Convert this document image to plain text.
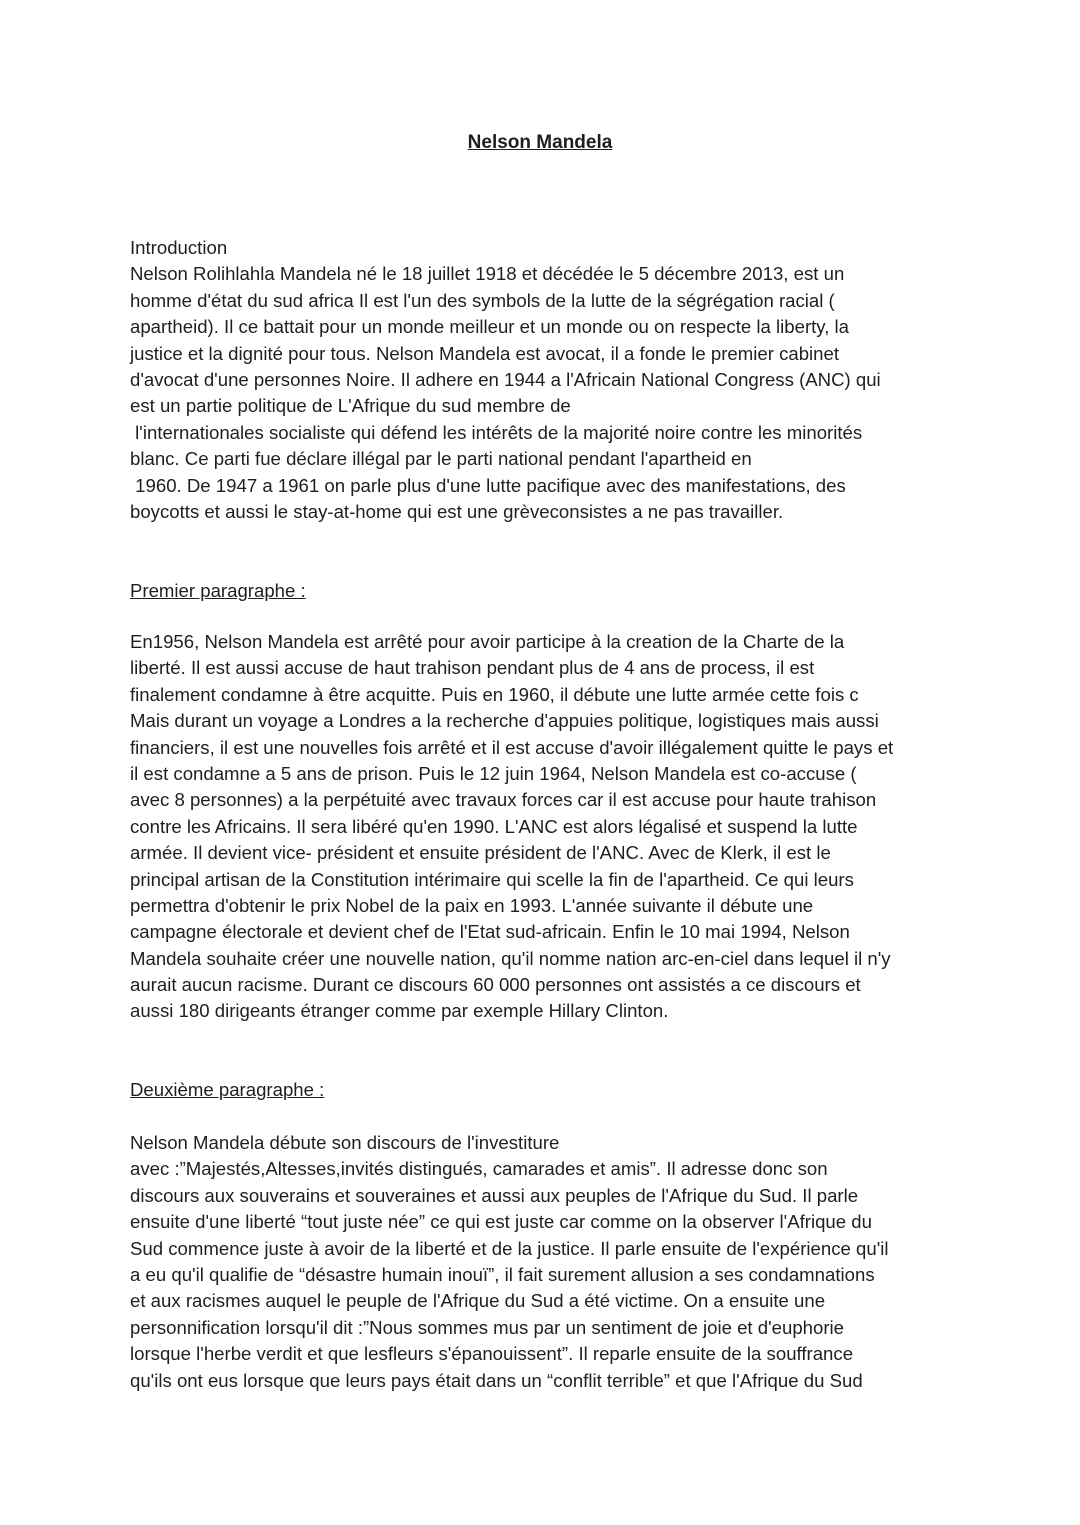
Nelson Mandela
Introduction
Nelson Rolihlahla Mandela né le 18 juillet 1918 et décédée le 5 décembre 2013, est un
homme d'état du sud africa Il est l'un des symbols de la lutte de la ségrégation racial (
apartheid). Il ce battait pour un monde meilleur et un monde ou on respecte la liberty, la
justice et la dignité pour tous. Nelson Mandela est avocat, il a fonde le premier cabinet
d'avocat d'une personnes Noire. Il adhere en 1944 a l'Africain National Congress (ANC) qui
est un partie politique de L'Afrique du sud membre de
l'internationales socialiste qui défend les intérêts de la majorité noire contre les minorités
blanc. Ce parti fue déclare illégal par le parti national pendant l'apartheid en
1960. De 1947 a 1961 on parle plus d'une lutte pacifique avec des manifestations, des
boycotts et aussi le stay-at-home qui est une grèveconsistes a ne pas travailler.
Premier paragraphe :
En1956, Nelson Mandela est arrêté pour avoir participe à la creation de la Charte de la
liberté. Il est aussi accuse de haut trahison pendant plus de 4 ans de process, il est
finalement condamne à être acquitte. Puis en 1960, il débute une lutte armée cette fois c
Mais durant un voyage a Londres a la recherche d'appuies politique, logistiques mais aussi
financiers, il est une nouvelles fois arrêté et il est accuse d'avoir illégalement quitte le pays et
il est condamne a 5 ans de prison. Puis le 12 juin 1964, Nelson Mandela est co-accuse (
avec 8 personnes) a la perpétuité avec travaux forces car il est accuse pour haute trahison
contre les Africains. Il sera libéré qu'en 1990. L'ANC est alors légalisé et suspend la lutte
armée. Il devient vice- président et ensuite président de l'ANC. Avec de Klerk, il est le
principal artisan de la Constitution intérimaire qui scelle la fin de l'apartheid. Ce qui leurs
permettra d'obtenir le prix Nobel de la paix en 1993. L'année suivante il débute une
campagne électorale et devient chef de l'Etat sud-africain. Enfin le 10 mai 1994, Nelson
Mandela souhaite créer une nouvelle nation, qu'il nomme nation arc-en-ciel dans lequel il n'y
aurait aucun racisme. Durant ce discours 60 000 personnes ont assistés a ce discours et
aussi 180 dirigeants étranger comme par exemple Hillary Clinton.
Deuxième paragraphe :
Nelson Mandela débute son discours de l'investiture
avec :”Majestés,Altesses,invités distingués, camarades et amis”. Il adresse donc son
discours aux souverains et souveraines et aussi aux peuples de l'Afrique du Sud. Il parle
ensuite d'une liberté “tout juste née” ce qui est juste car comme on la observer l'Afrique du
Sud commence juste à avoir de la liberté et de la justice. Il parle ensuite de l'expérience qu'il
a eu qu'il qualifie de “désastre humain inouï”, il fait surement allusion a ses condamnations
et aux racismes auquel le peuple de l'Afrique du Sud a été victime. On a ensuite une
personnification lorsqu'il dit :”Nous sommes mus par un sentiment de joie et d'euphorie
lorsque l'herbe verdit et que lesfleurs s'épanouissent”. Il reparle ensuite de la souffrance
qu'ils ont eus lorsque que leurs pays était dans un “conflit terrible” et que l'Afrique du Sud
